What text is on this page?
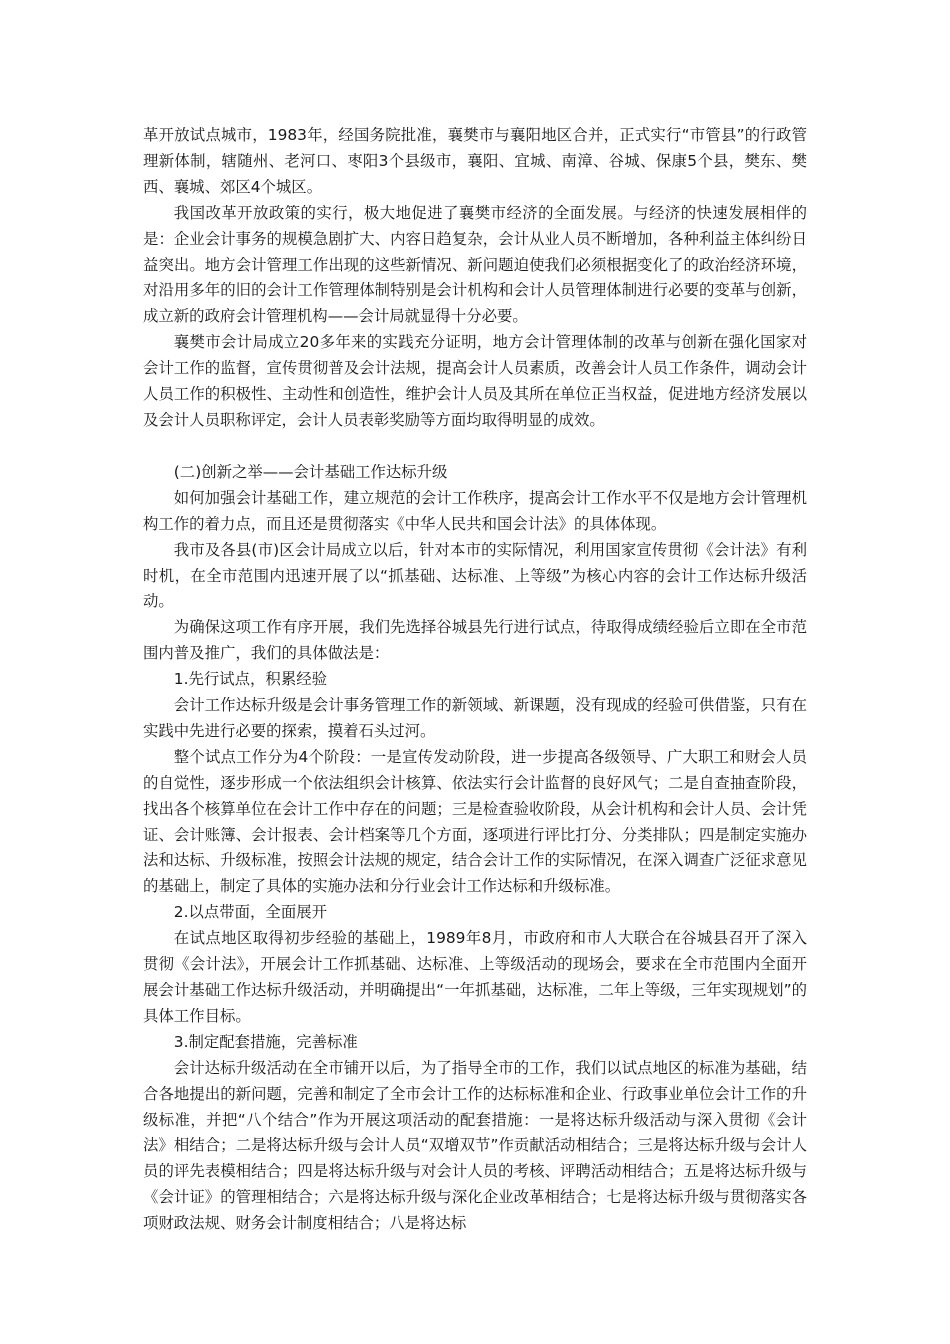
革开放试点城市，1983年，经国务院批准，襄樊市与襄阳地区合并，正式实行“市管县”的行政管理新体制，辖随州、老河口、枣阳3个县级市，襄阳、宜城、南漳、谷城、保康5个县，樊东、樊西、襄城、郊区4个城区。

我国改革开放政策的实行，极大地促进了襄樊市经济的全面发展。与经济的快速发展相伴的是：企业会计事务的规模急剧扩大、内容日趋复杂，会计从业人员不断增加，各种利益主体纠纷日益突出。地方会计管理工作出现的这些新情况、新问题迫使我们必须根据变化了的政治经济环境，对沿用多年的旧的会计工作管理体制特别是会计机构和会计人员管理体制进行必要的变革与创新，成立新的政府会计管理机构——会计局就显得十分必要。

襄樊市会计局成立20多年来的实践充分证明，地方会计管理体制的改革与创新在强化国家对会计工作的监督，宣传贯彻普及会计法规，提高会计人员素质，改善会计人员工作条件，调动会计人员工作的积极性、主动性和创造性，维护会计人员及其所在单位正当权益，促进地方经济发展以及会计人员职称评定，会计人员表彰奖励等方面均取得明显的成效。

(二)创新之举——会计基础工作达标升级

如何加强会计基础工作，建立规范的会计工作秩序，提高会计工作水平不仅是地方会计管理机构工作的着力点，而且还是贯彻落实《中华人民共和国会计法》的具体体现。

我市及各县(市)区会计局成立以后，针对本市的实际情况，利用国家宣传贯彻《会计法》有利时机，在全市范围内迅速开展了以“抓基础、达标准、上等级”为核心内容的会计工作达标升级活动。

为确保这项工作有序开展，我们先选择谷城县先行进行试点，待取得成绩经验后立即在全市范围内普及推广，我们的具体做法是：

1.先行试点，积累经验

会计工作达标升级是会计事务管理工作的新领域、新课题，没有现成的经验可供借鉴，只有在实践中先进行必要的探索，摸着石头过河。

整个试点工作分为4个阶段：一是宣传发动阶段，进一步提高各级领导、广大职工和财会人员的自觉性，逐步形成一个依法组织会计核算、依法实行会计监督的良好风气；二是自查抽查阶段，找出各个核算单位在会计工作中存在的问题；三是检查验收阶段，从会计机构和会计人员、会计凭证、会计账簿、会计报表、会计档案等几个方面，逐项进行评比打分、分类排队；四是制定实施办法和达标、升级标准，按照会计法规的规定，结合会计工作的实际情况，在深入调查广泛征求意见的基础上，制定了具体的实施办法和分行业会计工作达标和升级标准。

2.以点带面，全面展开

在试点地区取得初步经验的基础上，1989年8月，市政府和市人大联合在谷城县召开了深入贯彻《会计法》，开展会计工作抓基础、达标准、上等级活动的现场会，要求在全市范围内全面开展会计基础工作达标升级活动，并明确提出“一年抓基础，达标准，二年上等级，三年实现规划”的具体工作目标。

3.制定配套措施，完善标准

会计达标升级活动在全市铺开以后，为了指导全市的工作，我们以试点地区的标准为基础，结合各地提出的新问题，完善和制定了全市会计工作的达标标准和企业、行政事业单位会计工作的升级标准，并把“八个结合”作为开展这项活动的配套措施：一是将达标升级活动与深入贯彻《会计法》相结合；二是将达标升级与会计人员“双增双节”作贡献活动相结合；三是将达标升级与会计人员的评先表模相结合；四是将达标升级与对会计人员的考核、评聘活动相结合；五是将达标升级与《会计证》的管理相结合；六是将达标升级与深化企业改革相结合；七是将达标升级与贯彻落实各项财政法规、财务会计制度相结合；八是将达标
